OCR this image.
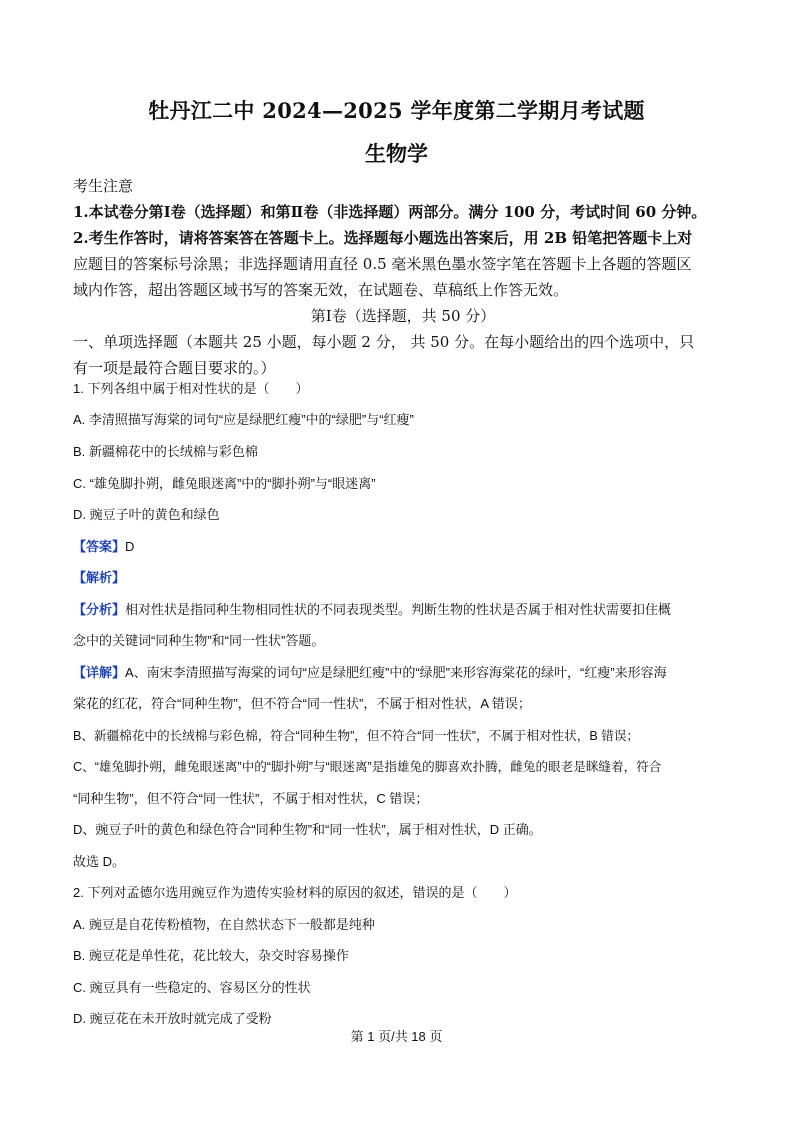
牡丹江二中 2024—2025 学年度第二学期月考试题
生物学
考生注意
1.本试卷分第Ⅰ卷（选择题）和第Ⅱ卷（非选择题）两部分。满分 100 分，考试时间 60 分钟。
2.考生作答时，请将答案答在答题卡上。选择题每小题选出答案后，用 2B 铅笔把答题卡上对
应题目的答案标号涂黑；非选择题请用直径 0.5 毫米黑色墨水签字笔在答题卡上各题的答题区
域内作答，超出答题区域书写的答案无效，在试题卷、草稿纸上作答无效。
第Ⅰ卷（选择题，共 50 分）
一、单项选择题（本题共 25 小题，每小题 2 分， 共 50 分。在每小题给出的四个选项中，只
有一项是最符合题目要求的。）
1. 下列各组中属于相对性状的是（　　）
A. 李清照描写海棠的词句“应是绿肥红瘦”中的“绿肥”与“红瘦”
B. 新疆棉花中的长绒棉与彩色棉
C. “雄兔脚扑朔，雌兔眼迷离”中的“脚扑朔”与“眼迷离”
D. 豌豆子叶的黄色和绿色
【答案】D
【解析】
【分析】相对性状是指同种生物相同性状的不同表现类型。判断生物的性状是否属于相对性状需要扣住概
念中的关键词“同种生物”和“同一性状”答题。
【详解】A、南宋李清照描写海棠的词句“应是绿肥红瘦”中的“绿肥”来形容海棠花的绿叶，“红瘦”来形容海
棠花的红花，符合“同种生物”，但不符合“同一性状”，不属于相对性状，A 错误；
B、新疆棉花中的长绒棉与彩色棉，符合“同种生物”，但不符合“同一性状”，不属于相对性状，B 错误；
C、“雄兔脚扑朔，雌兔眼迷离”中的“脚扑朔”与“眼迷离”是指雄兔的脚喜欢扑腾，雌兔的眼老是眯缝着，符合
“同种生物”，但不符合“同一性状”，不属于相对性状，C 错误；
D、豌豆子叶的黄色和绿色符合“同种生物”和“同一性状”，属于相对性状，D 正确。
故选 D。
2. 下列对孟德尔选用豌豆作为遗传实验材料的原因的叙述，错误的是（　　）
A. 豌豆是自花传粉植物，在自然状态下一般都是纯种
B. 豌豆花是单性花，花比较大，杂交时容易操作
C. 豌豆具有一些稳定的、容易区分的性状
D. 豌豆花在未开放时就完成了受粉
第 1 页/共 18 页
